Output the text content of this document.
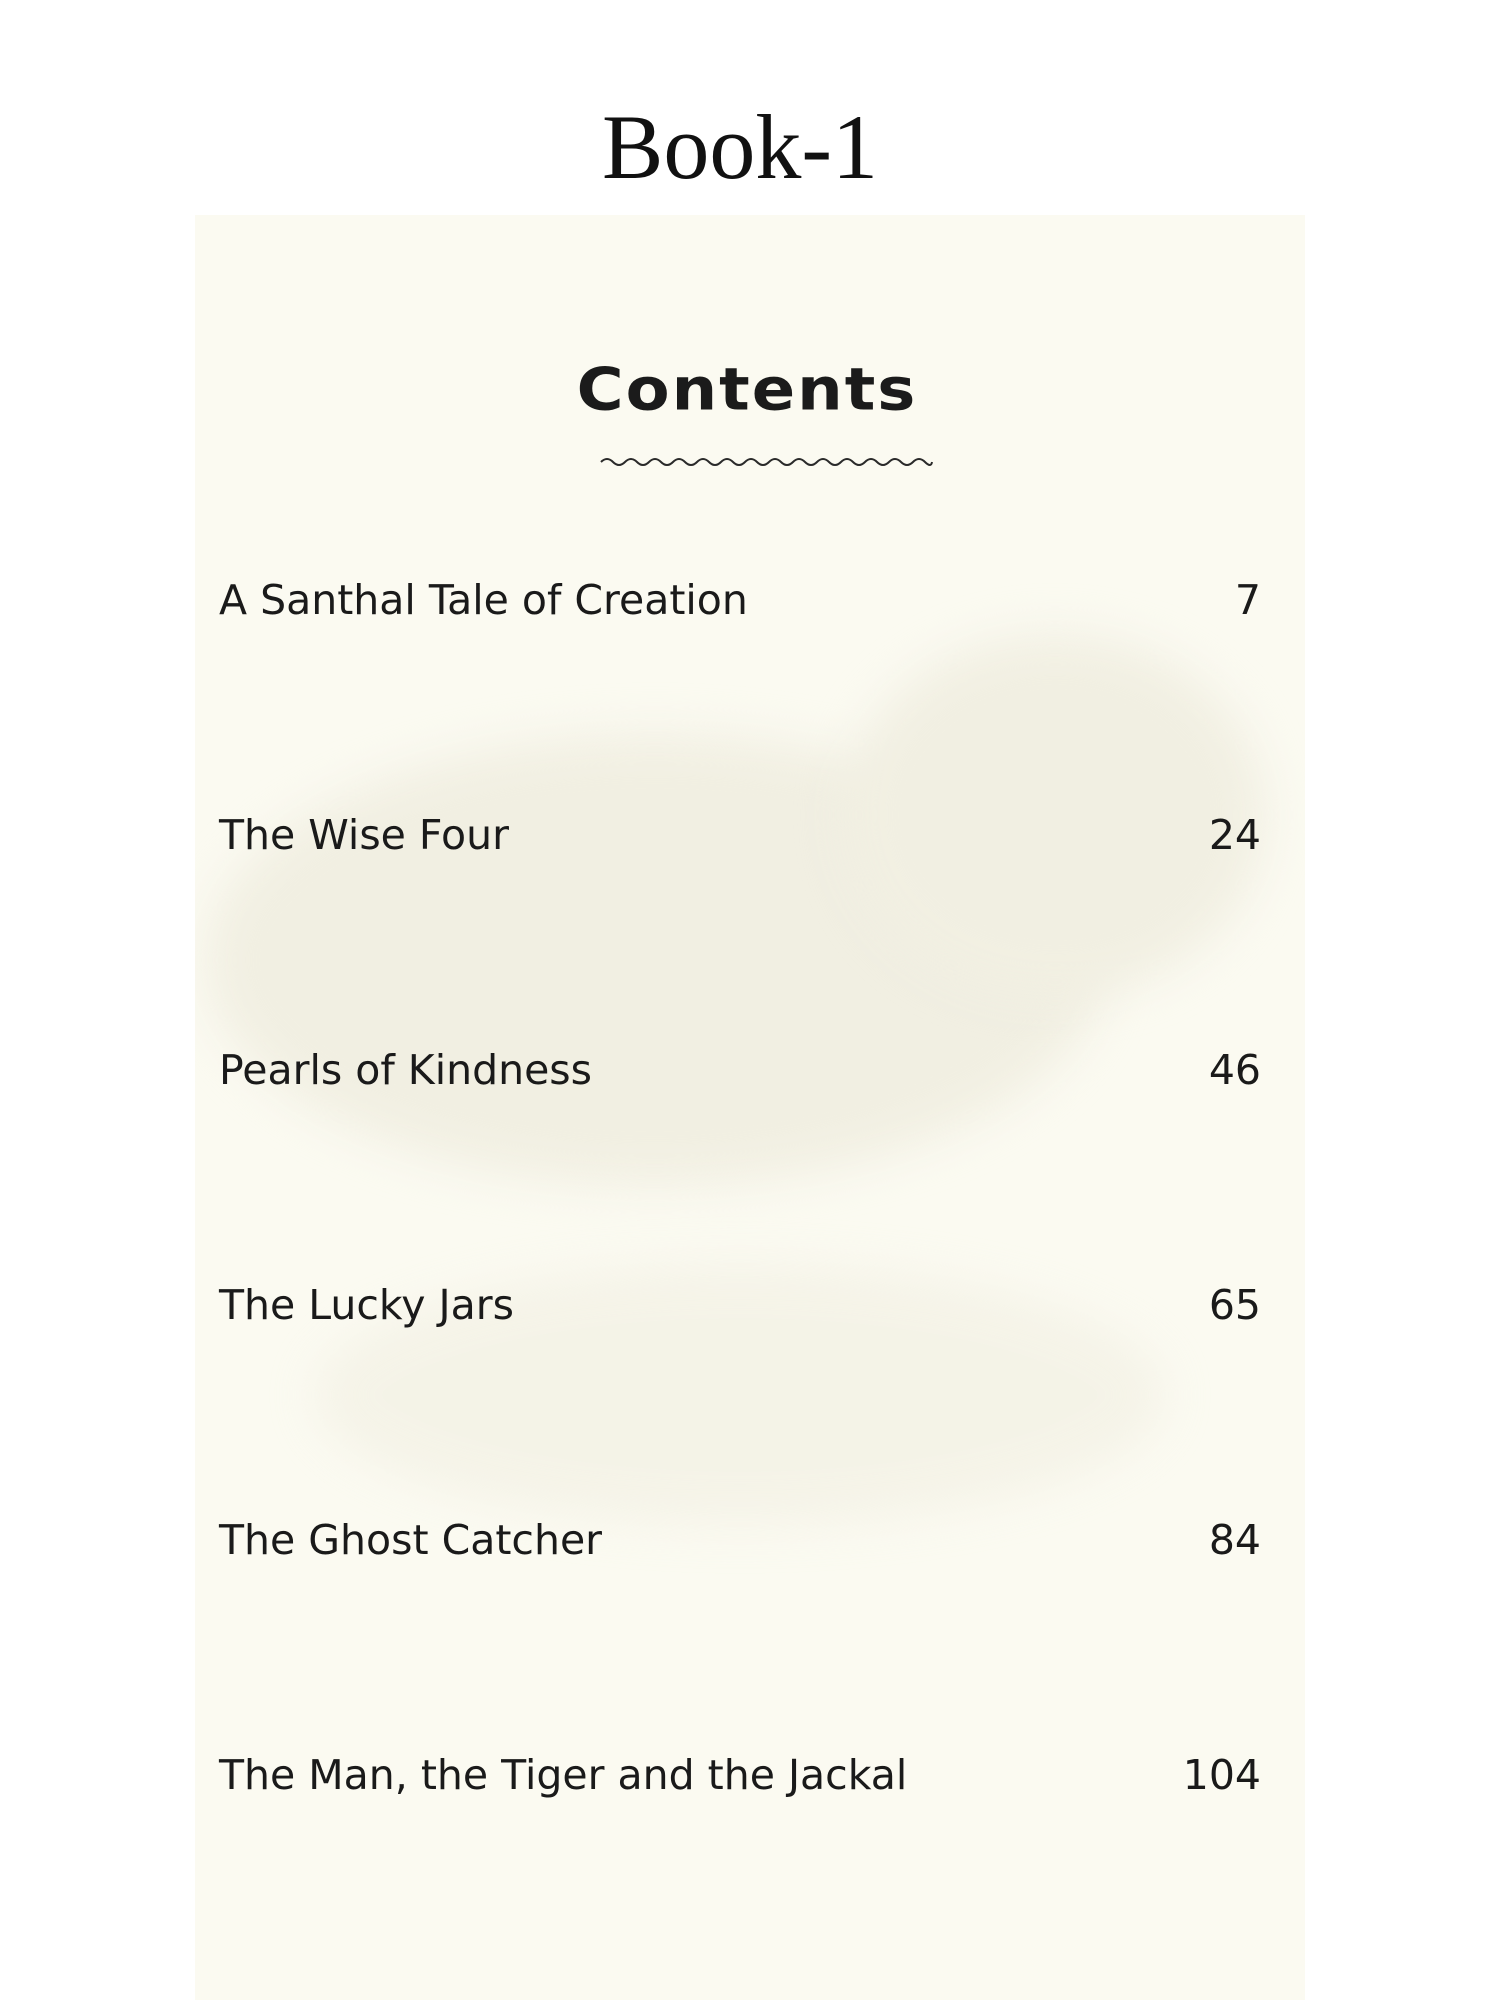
Book-1
Contents
A Santhal Tale of Creation	7
The Wise Four	24
Pearls of Kindness	46
The Lucky Jars	65
The Ghost Catcher	84
The Man, the Tiger and the Jackal	104
